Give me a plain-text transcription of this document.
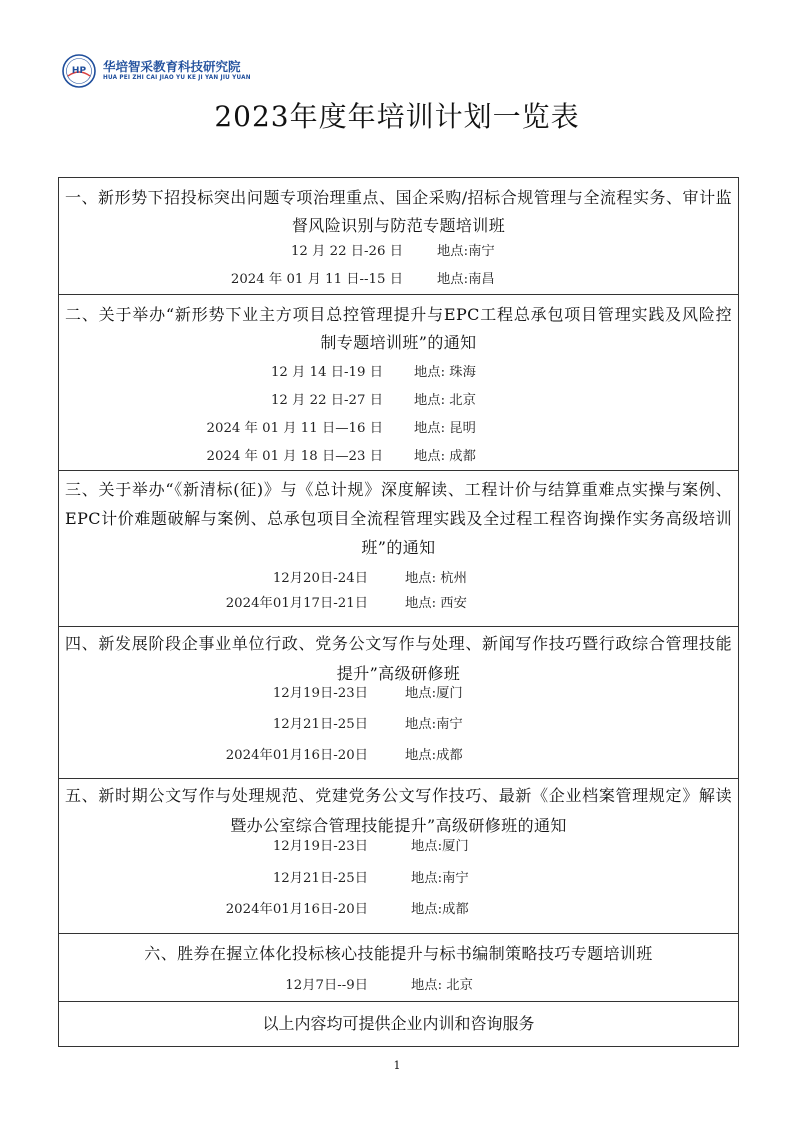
HP 华培智采教育科技研究院
HUA PEI ZHI CAI JIAO YU KE JI YAN JIU YUAN
2023年度年培训计划一览表
一、新形势下招投标突出问题专项治理重点、国企采购/招标合规管理与全流程实务、审计监督风险识别与防范专题培训班
12 月 22 日-26 日	地点:南宁
2024 年 01 月 11 日--15 日	地点:南昌
二、关于举办“新形势下业主方项目总控管理提升与EPC工程总承包项目管理实践及风险控制专题培训班”的通知
12 月 14 日-19 日 地点: 珠海
12 月 22 日-27 日 地点: 北京
2024 年 01 月 11 日—16 日 地点: 昆明
2024 年 01 月 18 日—23 日 地点: 成都
三、关于举办“《新清标(征)》与《总计规》深度解读、工程计价与结算重难点实操与案例、EPC计价难题破解与案例、总承包项目全流程管理实践及全过程工程咨询操作实务高级培训班”的通知
12月20日-24日	地点: 杭州
2024年01月17日-21日	地点: 西安
四、新发展阶段企事业单位行政、党务公文写作与处理、新闻写作技巧暨行政综合管理技能提升”高级研修班
12月19日-23日	地点:厦门
12月21日-25日	地点:南宁
2024年01月16日-20日	地点:成都
五、新时期公文写作与处理规范、党建党务公文写作技巧、最新《企业档案管理规定》解读暨办公室综合管理技能提升”高级研修班的通知
12月19日-23日	地点:厦门
12月21日-25日	地点:南宁
2024年01月16日-20日	地点:成都
六、胜券在握立体化投标核心技能提升与标书编制策略技巧专题培训班
12月7日--9日	地点: 北京
以上内容均可提供企业内训和咨询服务
1
